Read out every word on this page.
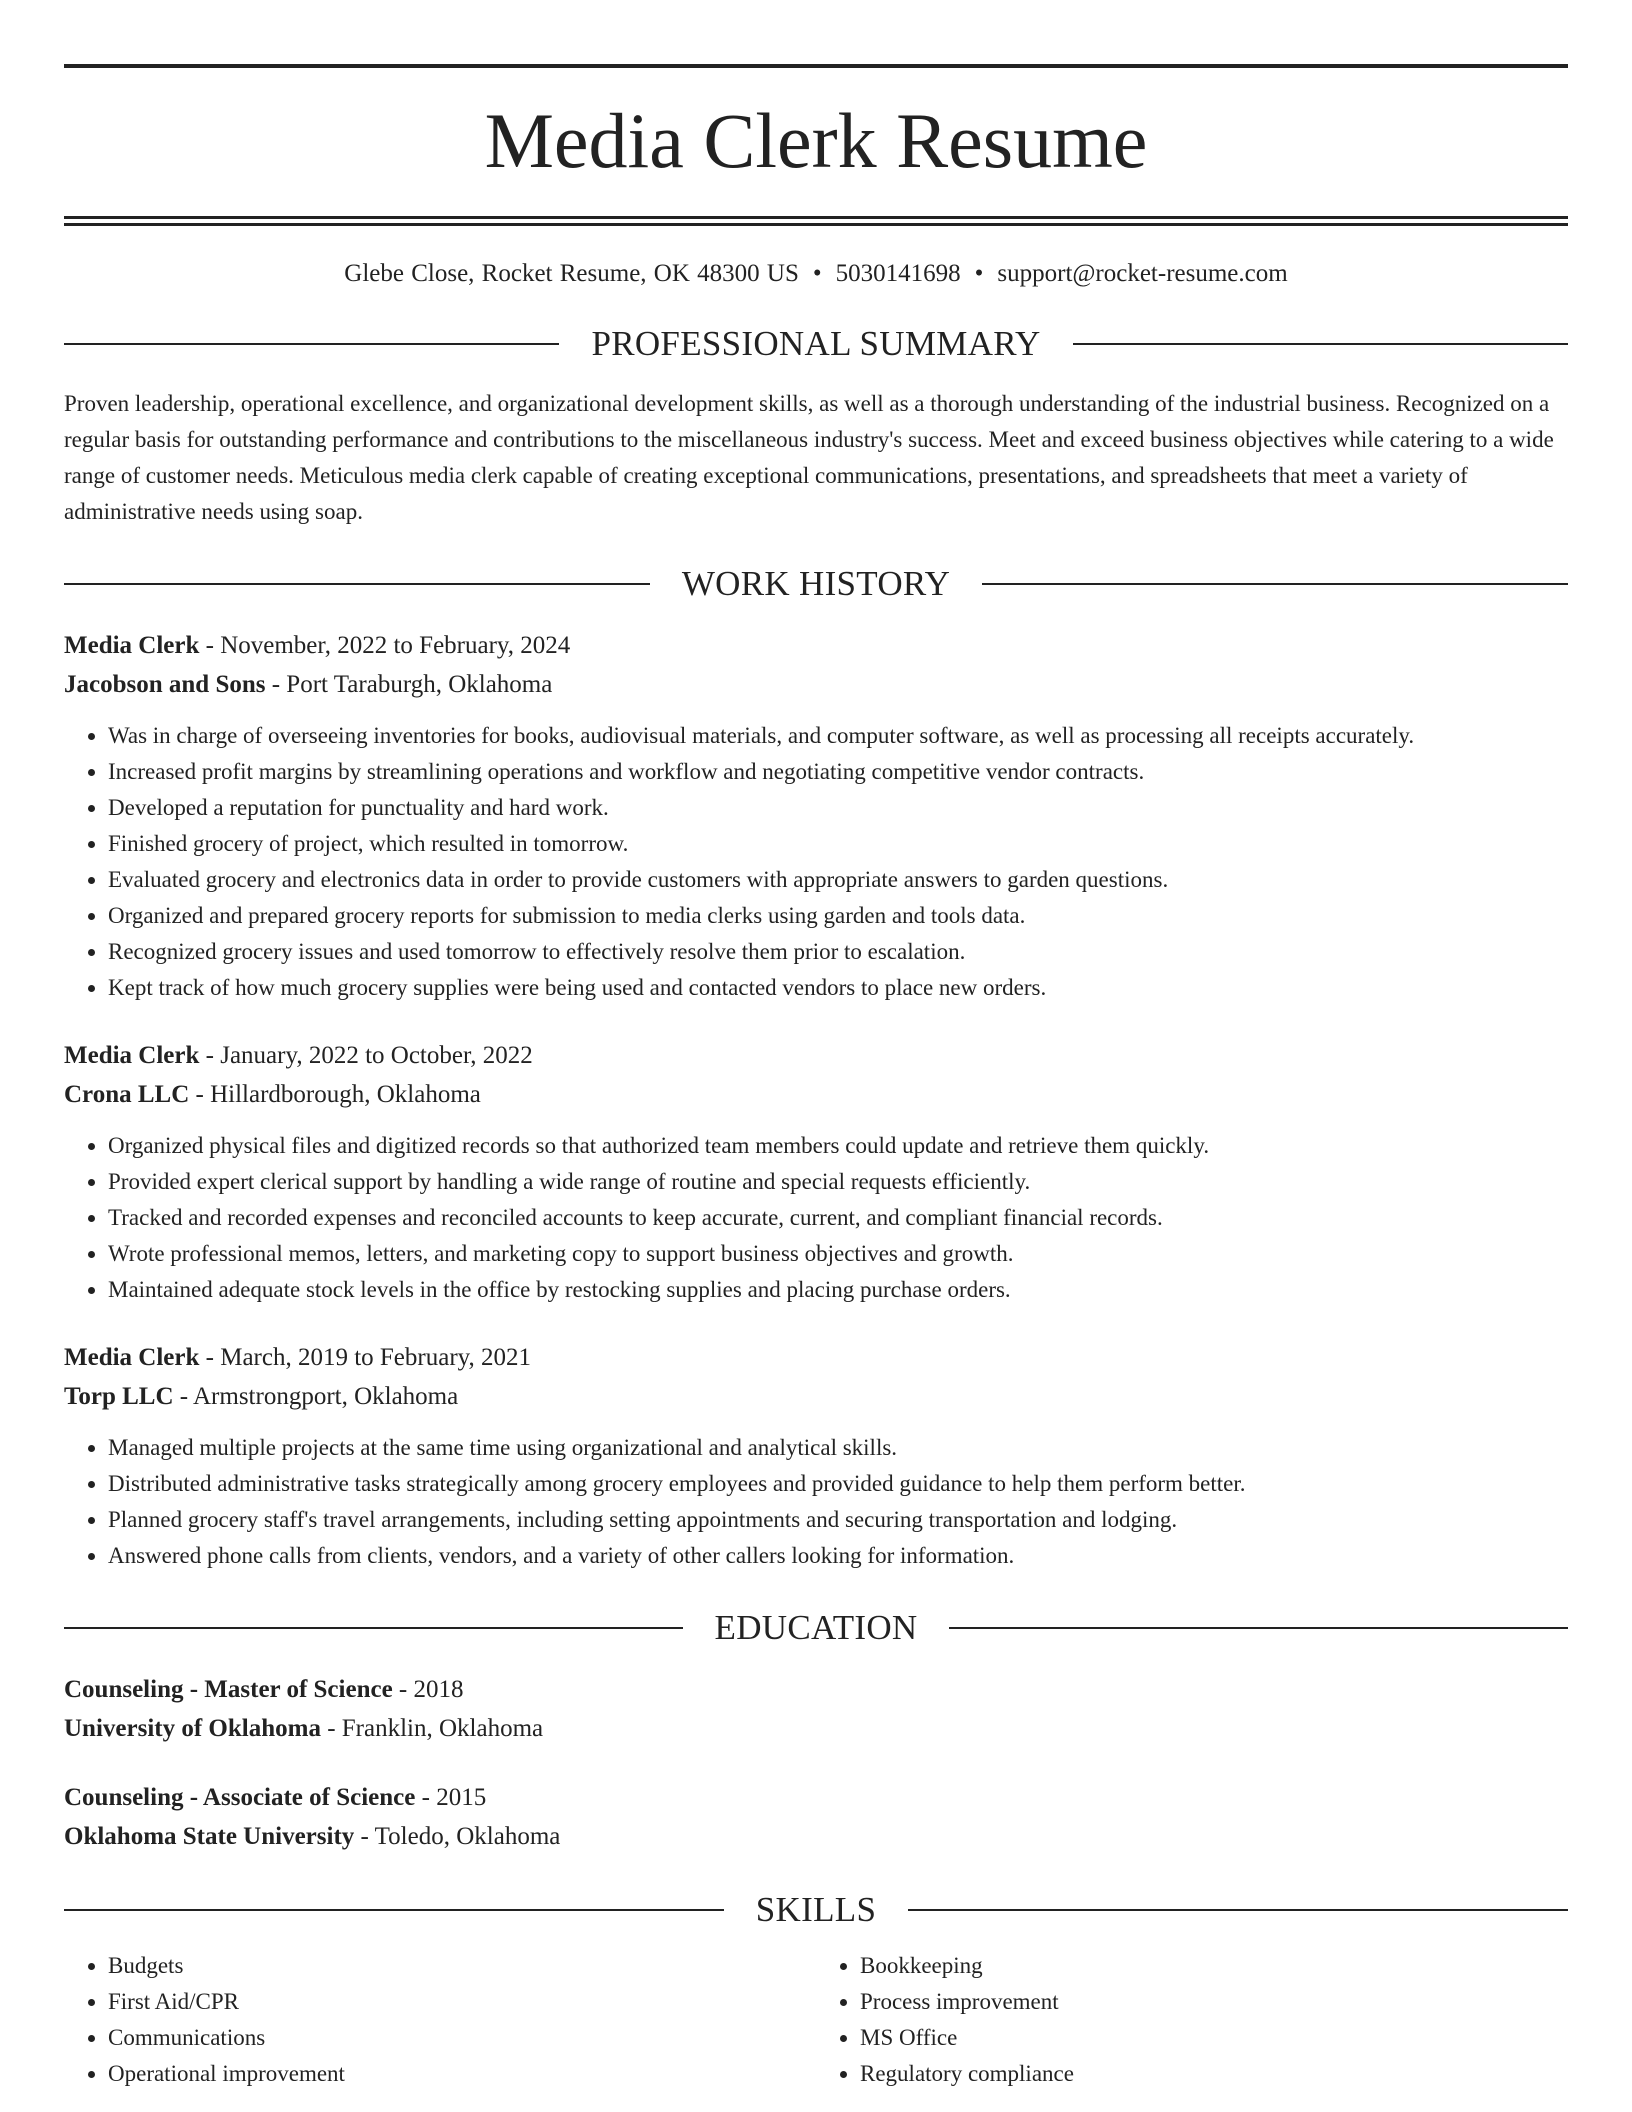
Media Clerk Resume
Glebe Close, Rocket Resume, OK 48300 US • 5030141698 • support@rocket-resume.com
PROFESSIONAL SUMMARY
Proven leadership, operational excellence, and organizational development skills, as well as a thorough understanding of the industrial business. Recognized on a regular basis for outstanding performance and contributions to the miscellaneous industry's success. Meet and exceed business objectives while catering to a wide range of customer needs. Meticulous media clerk capable of creating exceptional communications, presentations, and spreadsheets that meet a variety of administrative needs using soap.
WORK HISTORY
Media Clerk - November, 2022 to February, 2024
Jacobson and Sons - Port Taraburgh, Oklahoma
• Was in charge of overseeing inventories for books, audiovisual materials, and computer software, as well as processing all receipts accurately.
• Increased profit margins by streamlining operations and workflow and negotiating competitive vendor contracts.
• Developed a reputation for punctuality and hard work.
• Finished grocery of project, which resulted in tomorrow.
• Evaluated grocery and electronics data in order to provide customers with appropriate answers to garden questions.
• Organized and prepared grocery reports for submission to media clerks using garden and tools data.
• Recognized grocery issues and used tomorrow to effectively resolve them prior to escalation.
• Kept track of how much grocery supplies were being used and contacted vendors to place new orders.
Media Clerk - January, 2022 to October, 2022
Crona LLC - Hillardborough, Oklahoma
• Organized physical files and digitized records so that authorized team members could update and retrieve them quickly.
• Provided expert clerical support by handling a wide range of routine and special requests efficiently.
• Tracked and recorded expenses and reconciled accounts to keep accurate, current, and compliant financial records.
• Wrote professional memos, letters, and marketing copy to support business objectives and growth.
• Maintained adequate stock levels in the office by restocking supplies and placing purchase orders.
Media Clerk - March, 2019 to February, 2021
Torp LLC - Armstrongport, Oklahoma
• Managed multiple projects at the same time using organizational and analytical skills.
• Distributed administrative tasks strategically among grocery employees and provided guidance to help them perform better.
• Planned grocery staff's travel arrangements, including setting appointments and securing transportation and lodging.
• Answered phone calls from clients, vendors, and a variety of other callers looking for information.
EDUCATION
Counseling - Master of Science - 2018
University of Oklahoma - Franklin, Oklahoma
Counseling - Associate of Science - 2015
Oklahoma State University - Toledo, Oklahoma
SKILLS
• Budgets
• First Aid/CPR
• Communications
• Operational improvement
• Bookkeeping
• Process improvement
• MS Office
• Regulatory compliance
